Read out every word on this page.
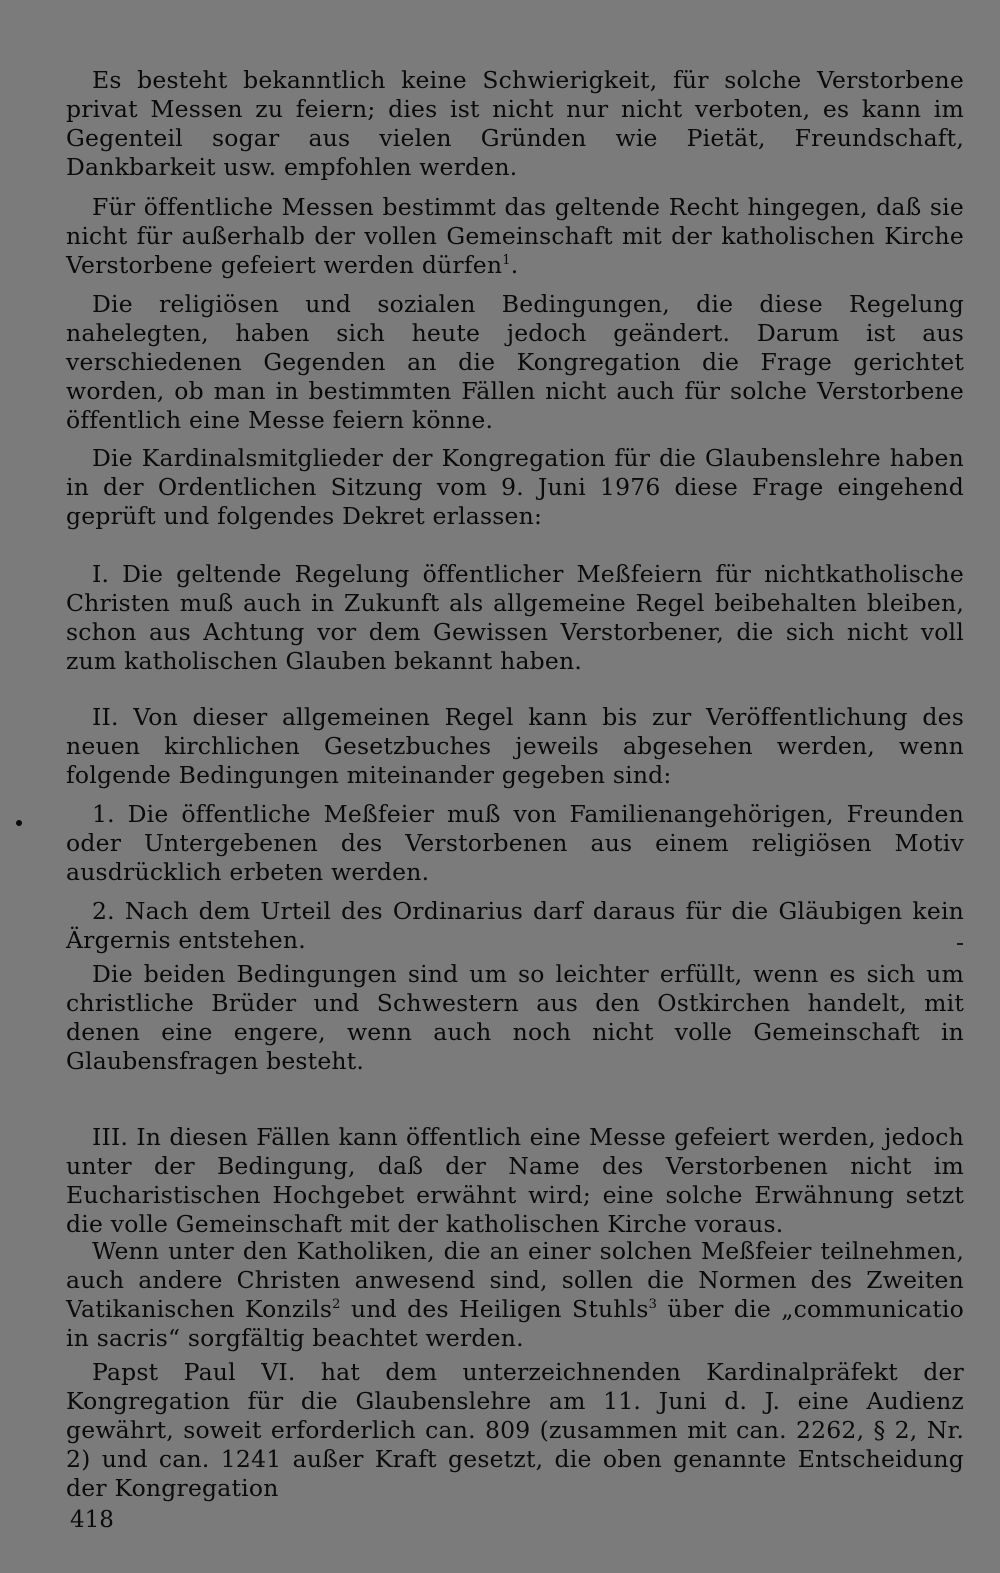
Es besteht bekanntlich keine Schwierigkeit, für solche Verstorbene privat Messen zu feiern; dies ist nicht nur nicht verboten, es kann im Gegenteil sogar aus vielen Gründen wie Pietät, Freundschaft, Dankbarkeit usw. empfohlen werden.

Für öffentliche Messen bestimmt das geltende Recht hingegen, daß sie nicht für außerhalb der vollen Gemeinschaft mit der katholischen Kirche Verstorbene gefeiert werden dürfen$^1$.

Die religiösen und sozialen Bedingungen, die diese Regelung nahelegten, haben sich heute jedoch geändert. Darum ist aus verschiedenen Gegenden an die Kongregation die Frage gerichtet worden, ob man in bestimmten Fällen nicht auch für solche Verstorbene öffentlich eine Messe feiern könne.

Die Kardinalsmitglieder der Kongregation für die Glaubenslehre haben in der Ordentlichen Sitzung vom 9. Juni 1976 diese Frage eingehend geprüft und folgendes Dekret erlassen:

I. Die geltende Regelung öffentlicher Meßfeiern für nichtkatholische Christen muß auch in Zukunft als allgemeine Regel beibehalten bleiben, schon aus Achtung vor dem Gewissen Verstorbener, die sich nicht voll zum katholischen Glauben bekannt haben.

II. Von dieser allgemeinen Regel kann bis zur Veröffentlichung des neuen kirchlichen Gesetzbuches jeweils abgesehen werden, wenn folgende Bedingungen miteinander gegeben sind:

1. Die öffentliche Meßfeier muß von Familienangehörigen, Freunden oder Untergebenen des Verstorbenen aus einem religiösen Motiv ausdrücklich erbeten werden.

2. Nach dem Urteil des Ordinarius darf daraus für die Gläubigen kein Ärgernis entstehen.

Die beiden Bedingungen sind um so leichter erfüllt, wenn es sich um christliche Brüder und Schwestern aus den Ostkirchen handelt, mit denen eine engere, wenn auch noch nicht volle Gemeinschaft in Glaubensfragen besteht.

III. In diesen Fällen kann öffentlich eine Messe gefeiert werden, jedoch unter der Bedingung, daß der Name des Verstorbenen nicht im Eucharistischen Hochgebet erwähnt wird; eine solche Erwähnung setzt die volle Gemeinschaft mit der katholischen Kirche voraus.

Wenn unter den Katholiken, die an einer solchen Meßfeier teilnehmen, auch andere Christen anwesend sind, sollen die Normen des Zweiten Vatikanischen Konzils$^2$ und des Heiligen Stuhls$^3$ über die „communicatio in sacris“ sorgfältig beachtet werden.

Papst Paul VI. hat dem unterzeichnenden Kardinalpräfekt der Kongregation für die Glaubenslehre am 11. Juni d. J. eine Audienz gewährt, soweit erforderlich can. 809 (zusammen mit can. 2262, § 2, Nr. 2) und can. 1241 außer Kraft gesetzt, die oben genannte Entscheidung der Kongregation

418
